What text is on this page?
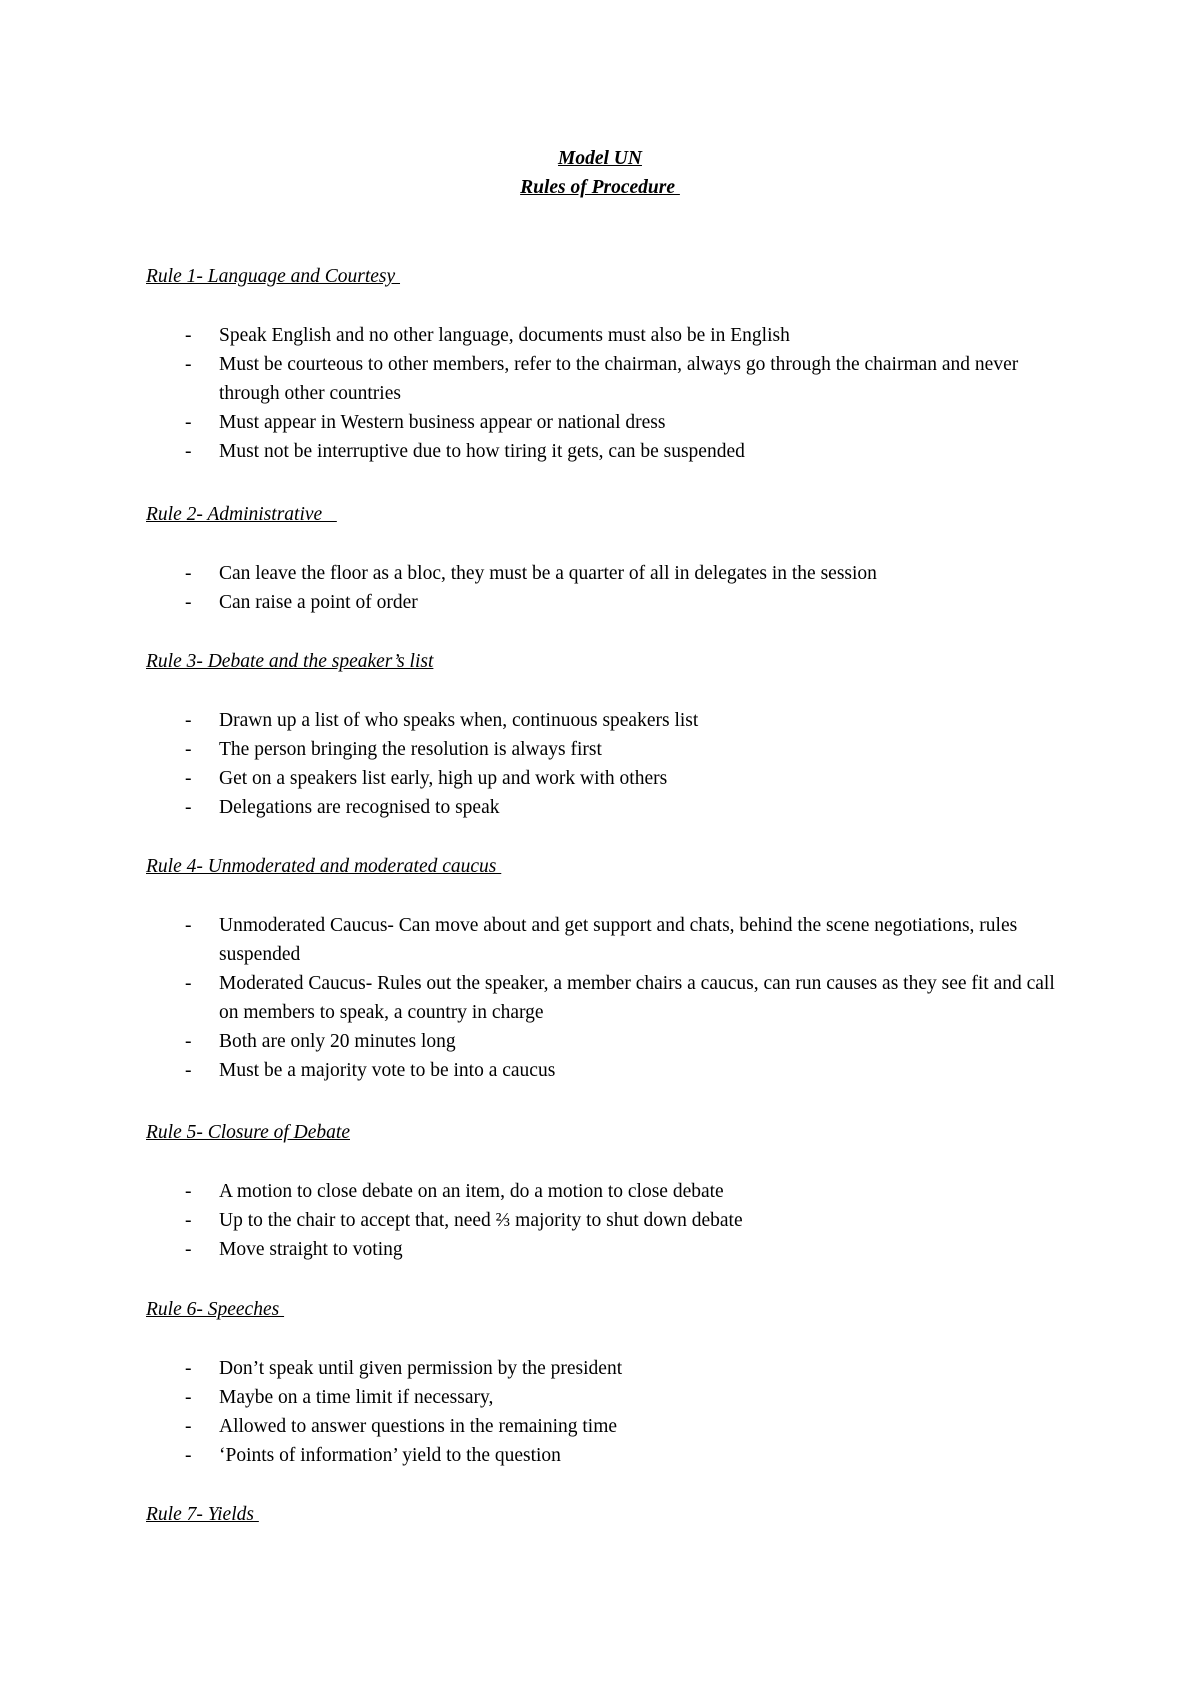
Model UN
Rules of Procedure
Rule 1- Language and Courtesy
- Speak English and no other language, documents must also be in English
- Must be courteous to other members, refer to the chairman, always go through the chairman and never through other countries
- Must appear in Western business appear or national dress
- Must not be interruptive due to how tiring it gets, can be suspended
Rule 2- Administrative
- Can leave the floor as a bloc, they must be a quarter of all in delegates in the session
- Can raise a point of order
Rule 3- Debate and the speaker’s list
- Drawn up a list of who speaks when, continuous speakers list
- The person bringing the resolution is always first
- Get on a speakers list early, high up and work with others
- Delegations are recognised to speak
Rule 4- Unmoderated and moderated caucus
- Unmoderated Caucus- Can move about and get support and chats, behind the scene negotiations, rules suspended
- Moderated Caucus- Rules out the speaker, a member chairs a caucus, can run causes as they see fit and call on members to speak, a country in charge
- Both are only 20 minutes long
- Must be a majority vote to be into a caucus
Rule 5- Closure of Debate
- A motion to close debate on an item, do a motion to close debate
- Up to the chair to accept that, need ⅔ majority to shut down debate
- Move straight to voting
Rule 6- Speeches
- Don’t speak until given permission by the president
- Maybe on a time limit if necessary,
- Allowed to answer questions in the remaining time
- ‘Points of information’ yield to the question
Rule 7- Yields
